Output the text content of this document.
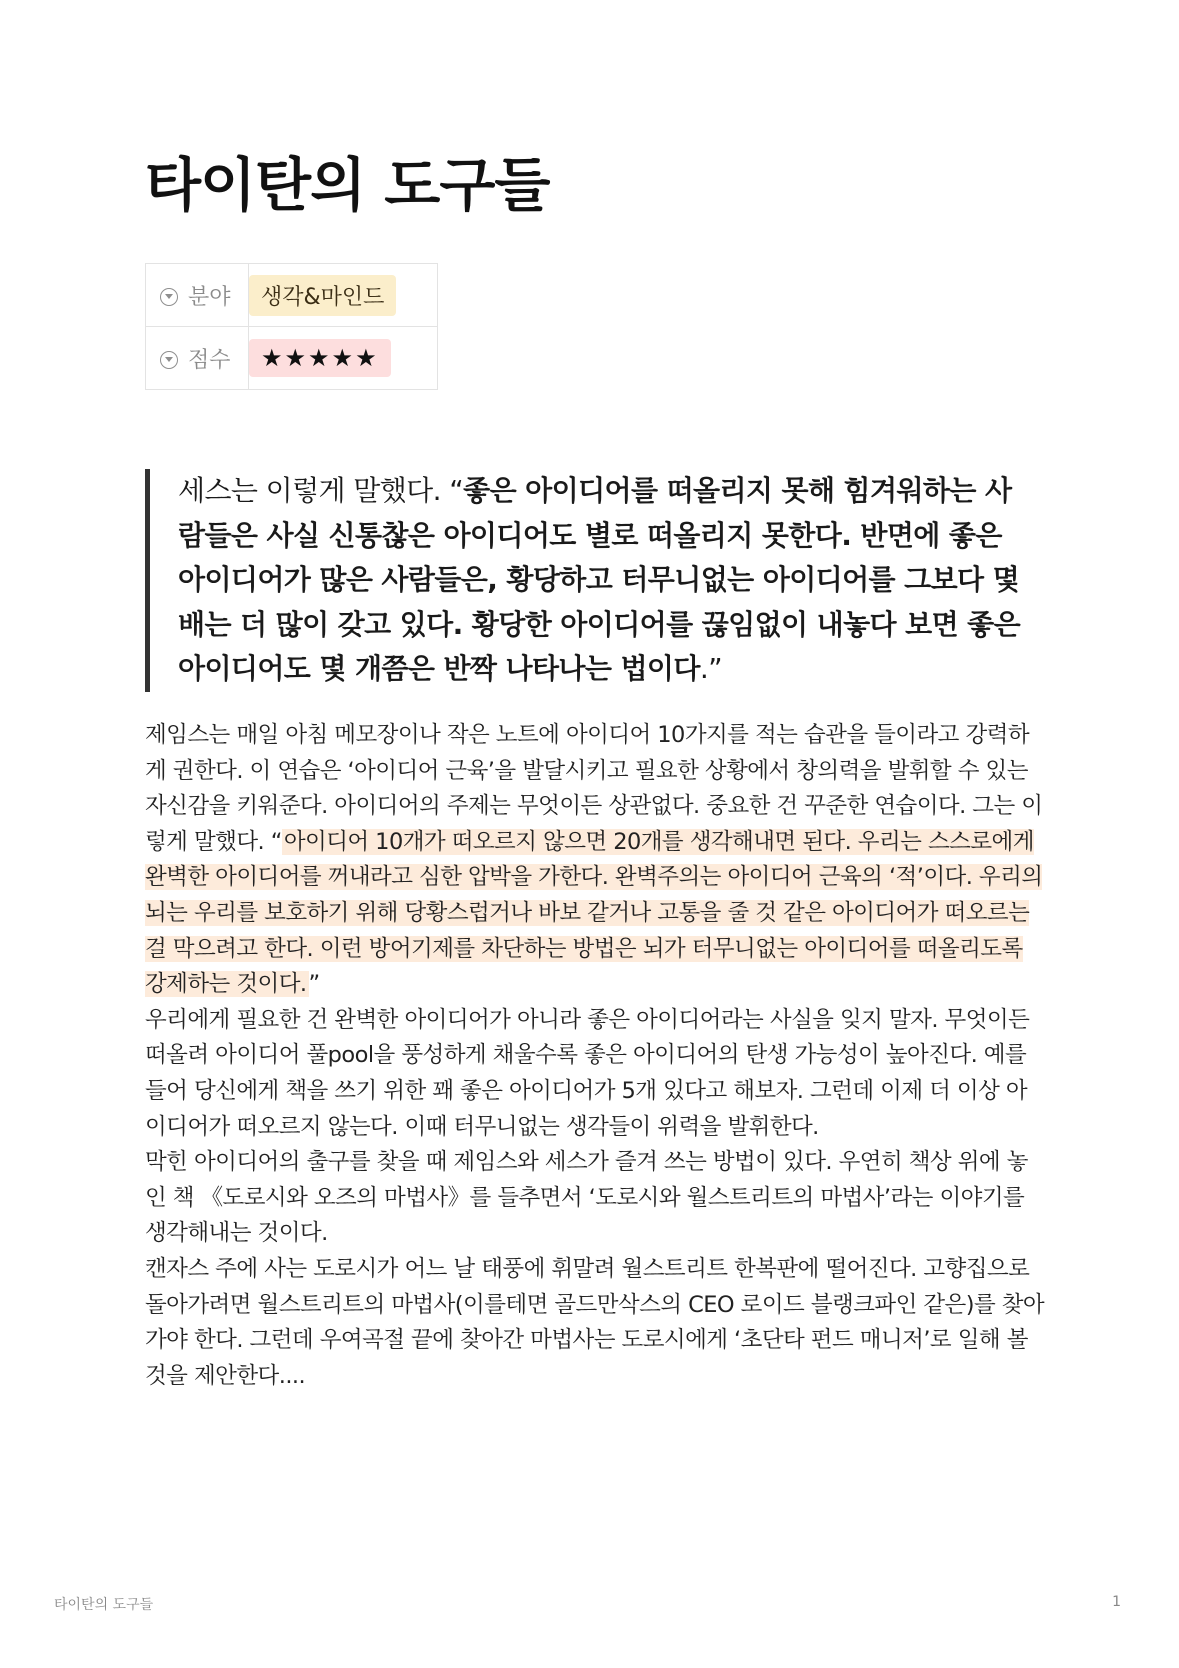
타이탄의 도구들
분야	생각&마인드
점수	★★★★★
세스는 이렇게 말했다. “좋은 아이디어를 떠올리지 못해 힘겨워하는 사람들은 사실 신통찮은 아이디어도 별로 떠올리지 못한다. 반면에 좋은 아이디어가 많은 사람들은, 황당하고 터무니없는 아이디어를 그보다 몇 배는 더 많이 갖고 있다. 황당한 아이디어를 끊임없이 내놓다 보면 좋은 아이디어도 몇 개쯤은 반짝 나타나는 법이다.”

제임스는 매일 아침 메모장이나 작은 노트에 아이디어 10가지를 적는 습관을 들이라고 강력하게 권한다. 이 연습은 ‘아이디어 근육’을 발달시키고 필요한 상황에서 창의력을 발휘할 수 있는 자신감을 키워준다. 아이디어의 주제는 무엇이든 상관없다. 중요한 건 꾸준한 연습이다. 그는 이렇게 말했다. “아이디어 10개가 떠오르지 않으면 20개를 생각해내면 된다. 우리는 스스로에게 완벽한 아이디어를 꺼내라고 심한 압박을 가한다. 완벽주의는 아이디어 근육의 ‘적’이다. 우리의 뇌는 우리를 보호하기 위해 당황스럽거나 바보 같거나 고통을 줄 것 같은 아이디어가 떠오르는 걸 막으려고 한다. 이런 방어기제를 차단하는 방법은 뇌가 터무니없는 아이디어를 떠올리도록 강제하는 것이다.”

우리에게 필요한 건 완벽한 아이디어가 아니라 좋은 아이디어라는 사실을 잊지 말자. 무엇이든 떠올려 아이디어 풀pool을 풍성하게 채울수록 좋은 아이디어의 탄생 가능성이 높아진다. 예를 들어 당신에게 책을 쓰기 위한 꽤 좋은 아이디어가 5개 있다고 해보자. 그런데 이제 더 이상 아이디어가 떠오르지 않는다. 이때 터무니없는 생각들이 위력을 발휘한다.

막힌 아이디어의 출구를 찾을 때 제임스와 세스가 즐겨 쓰는 방법이 있다. 우연히 책상 위에 놓인 책 《도로시와 오즈의 마법사》를 들추면서 ‘도로시와 월스트리트의 마법사’라는 이야기를 생각해내는 것이다.

캔자스 주에 사는 도로시가 어느 날 태풍에 휘말려 월스트리트 한복판에 떨어진다. 고향집으로 돌아가려면 월스트리트의 마법사(이를테면 골드만삭스의 CEO 로이드 블랭크파인 같은)를 찾아가야 한다. 그런데 우여곡절 끝에 찾아간 마법사는 도로시에게 ‘초단타 펀드 매니저’로 일해 볼 것을 제안한다....

타이탄의 도구들	1
